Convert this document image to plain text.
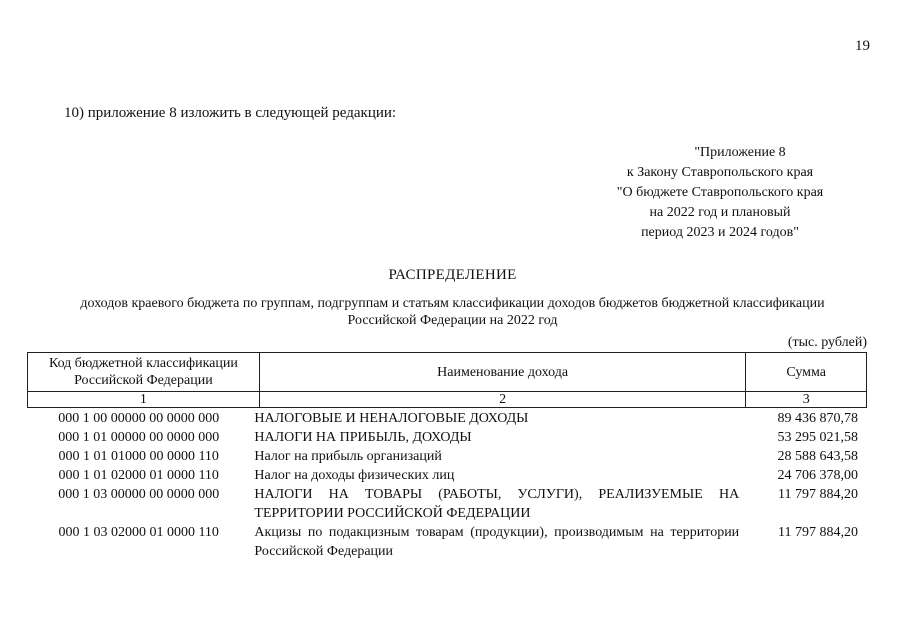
19
10) приложение 8 изложить в следующей редакции:
"Приложение 8
к Закону Ставропольского края
"О бюджете Ставропольского края
на 2022 год и плановый
период 2023 и 2024 годов"
РАСПРЕДЕЛЕНИЕ
доходов краевого бюджета по группам, подгруппам и статьям классификации доходов бюджетов бюджетной классификации
Российской Федерации на 2022 год
(тыс. рублей)
Код бюджетной классификации Российской Федерации	Наименование дохода	Сумма
1	2	3
000 1 00 00000 00 0000 000	НАЛОГОВЫЕ И НЕНАЛОГОВЫЕ ДОХОДЫ	89 436 870,78
000 1 01 00000 00 0000 000	НАЛОГИ НА ПРИБЫЛЬ, ДОХОДЫ	53 295 021,58
000 1 01 01000 00 0000 110	Налог на прибыль организаций	28 588 643,58
000 1 01 02000 01 0000 110	Налог на доходы физических лиц	24 706 378,00
000 1 03 00000 00 0000 000	НАЛОГИ НА ТОВАРЫ (РАБОТЫ, УСЛУГИ), РЕАЛИЗУЕМЫЕ НА ТЕРРИТОРИИ РОССИЙСКОЙ ФЕДЕРАЦИИ	11 797 884,20
000 1 03 02000 01 0000 110	Акцизы по подакцизным товарам (продукции), производимым на территории Российской Федерации	11 797 884,20
